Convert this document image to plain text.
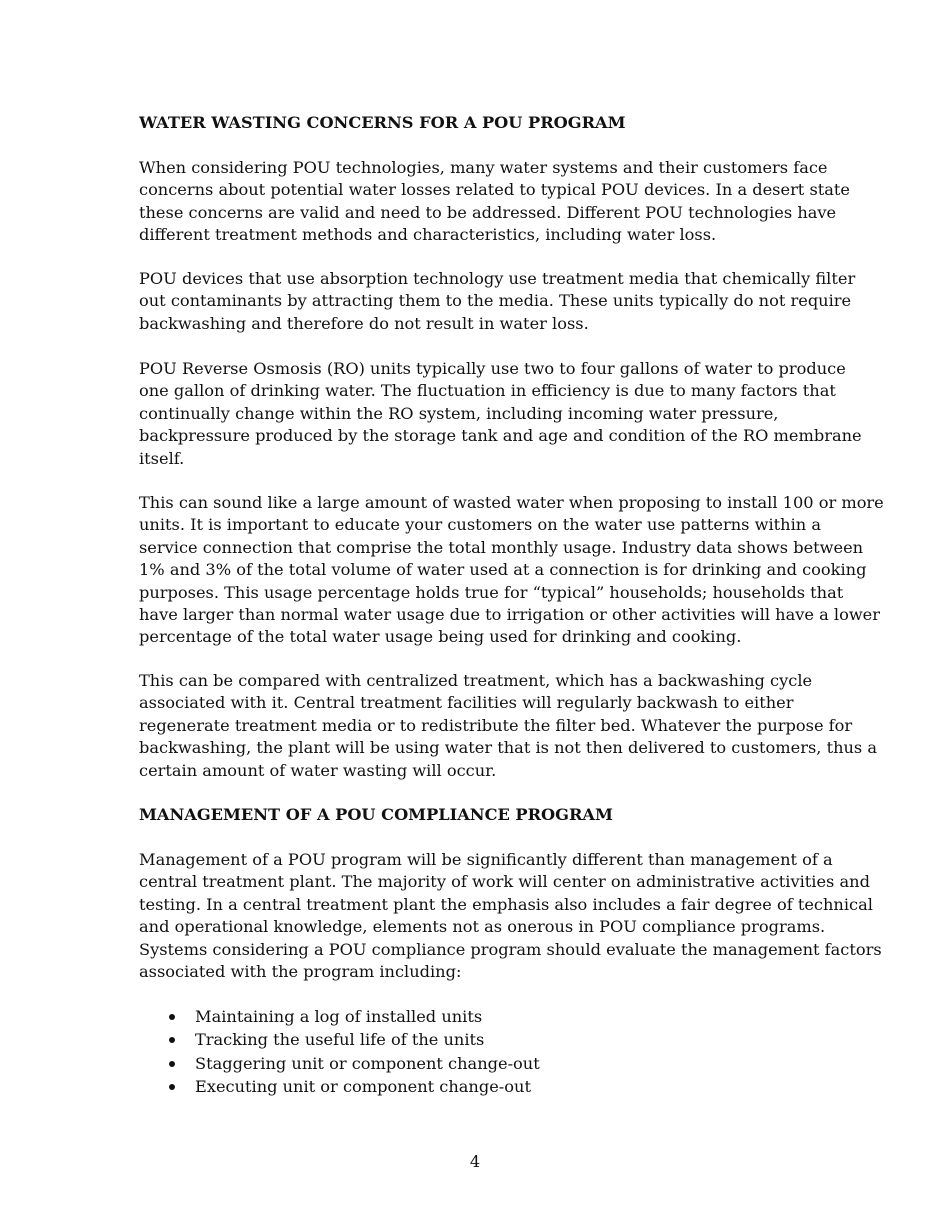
WATER WASTING CONCERNS FOR A POU PROGRAM

When considering POU technologies, many water systems and their customers face
concerns about potential water losses related to typical POU devices. In a desert state
these concerns are valid and need to be addressed. Different POU technologies have
different treatment methods and characteristics, including water loss.

POU devices that use absorption technology use treatment media that chemically filter
out contaminants by attracting them to the media. These units typically do not require
backwashing and therefore do not result in water loss.

POU Reverse Osmosis (RO) units typically use two to four gallons of water to produce
one gallon of drinking water. The fluctuation in efficiency is due to many factors that
continually change within the RO system, including incoming water pressure,
backpressure produced by the storage tank and age and condition of the RO membrane
itself.

This can sound like a large amount of wasted water when proposing to install 100 or more
units. It is important to educate your customers on the water use patterns within a
service connection that comprise the total monthly usage. Industry data shows between
1% and 3% of the total volume of water used at a connection is for drinking and cooking
purposes. This usage percentage holds true for “typical” households; households that
have larger than normal water usage due to irrigation or other activities will have a lower
percentage of the total water usage being used for drinking and cooking.

This can be compared with centralized treatment, which has a backwashing cycle
associated with it. Central treatment facilities will regularly backwash to either
regenerate treatment media or to redistribute the filter bed. Whatever the purpose for
backwashing, the plant will be using water that is not then delivered to customers, thus a
certain amount of water wasting will occur.

MANAGEMENT OF A POU COMPLIANCE PROGRAM

Management of a POU program will be significantly different than management of a
central treatment plant. The majority of work will center on administrative activities and
testing. In a central treatment plant the emphasis also includes a fair degree of technical
and operational knowledge, elements not as onerous in POU compliance programs.
Systems considering a POU compliance program should evaluate the management factors
associated with the program including:

Maintaining a log of installed units
Tracking the useful life of the units
Staggering unit or component change-out
Executing unit or component change-out
4
